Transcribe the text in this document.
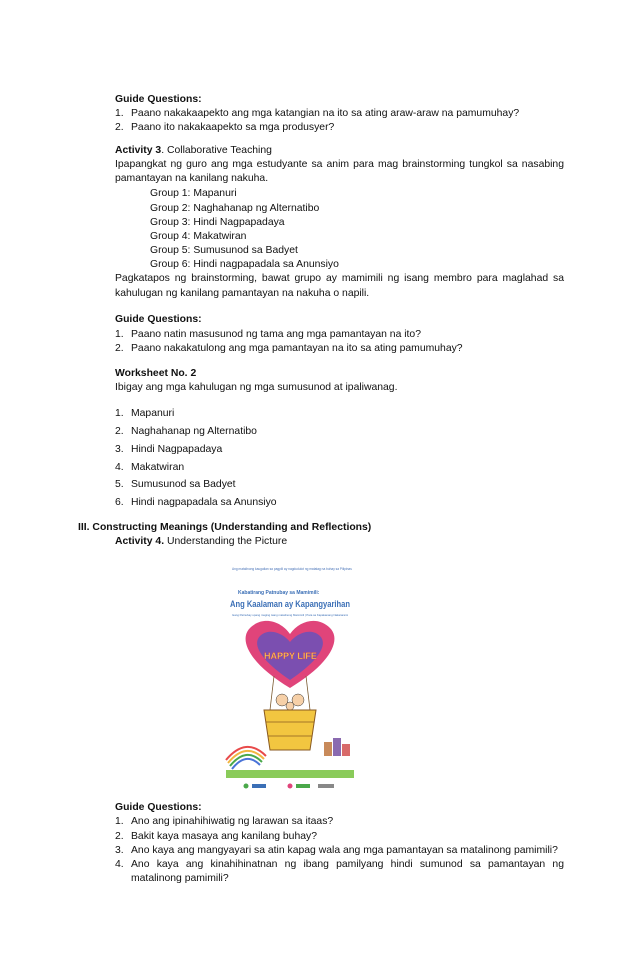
Guide Questions:
1. Paano nakakaapekto ang mga katangian na ito sa ating araw-araw na pamumuhay?
2. Paano ito nakakaapekto sa mga produsyer?
Activity 3. Collaborative Teaching
Ipapangkat ng guro ang mga estudyante sa anim para mag brainstorming tungkol sa nasabing
pamantayan na kanilang nakuha.
Group 1: Mapanuri
Group 2: Naghahanap ng Alternatibo
Group 3: Hindi Nagpapadaya
Group 4: Makatwiran
Group 5: Sumusunod sa Badyet
Group 6: Hindi nagpapadala sa Anunsiyo
Pagkatapos ng brainstorming, bawat grupo ay mamimili ng isang membro para maglahad sa
kahulugan ng kanilang pamantayan na nakuha o napili.
Guide Questions:
1. Paano natin masusunod ng tama ang mga pamantayan na ito?
2. Paano nakakatulong ang mga pamantayan na ito sa ating pamumuhay?
Worksheet No. 2
Ibigay ang mga kahulugan ng mga sumusunod at ipaliwanag.
1. Mapanuri
2. Naghahanap ng Alternatibo
3. Hindi Nagpapadaya
4. Makatwiran
5. Sumusunod sa Badyet
6. Hindi nagpapadala sa Anunsiyo
III. Constructing Meanings (Understanding and Reflections)
Activity 4. Understanding the Picture
Ang matalinong kaugalian sa pagpili ay nagdudulot ng matatag na buhay sa Pilipinas
Kabatirang Patnubay sa Mamimili:
Ang Kaalaman ay Kapangyarihan
Isang Patnubay upang maging isang matalinong Mamimili | Para sa Kapakanang Nakararami
HAPPY LIFE
Guide Questions:
1. Ano ang ipinahihiwatig ng larawan sa itaas?
2. Bakit kaya masaya ang kanilang buhay?
3. Ano kaya ang mangyayari sa atin kapag wala ang mga pamantayan sa matalinong pamimili?
4. Ano kaya ang kinahihinatnan ng ibang pamilyang hindi sumunod sa pamantayan ng
matalinong pamimili?
